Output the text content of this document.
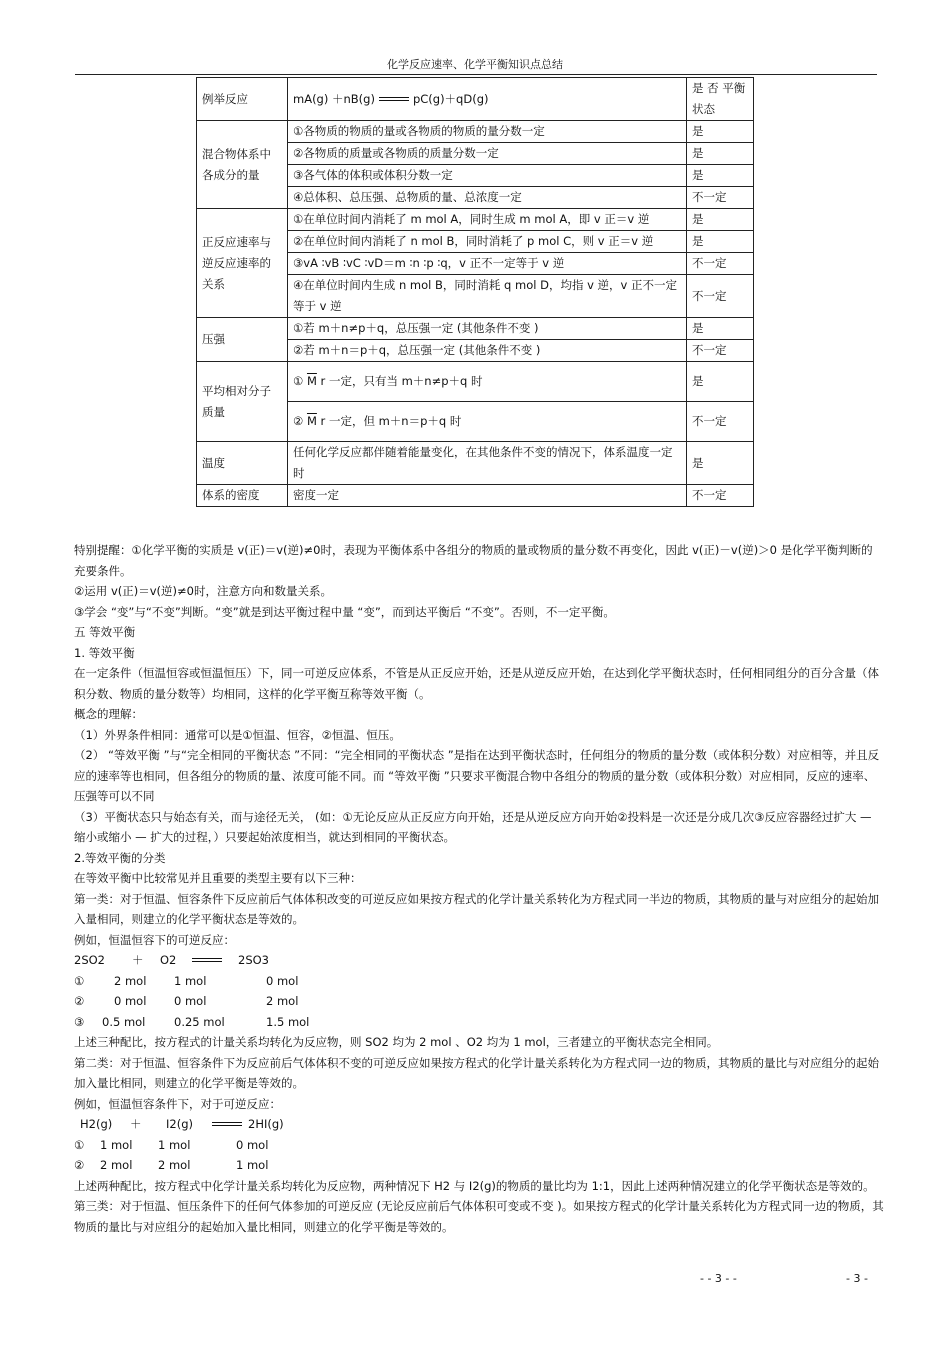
化学反应速率、化学平衡知识点总结
例举反应	mA(g) ＋nB(g) pC(g)＋qD(g)	是 否 平衡状态
混合物体系中各成分的量	①各物质的物质的量或各物质的物质的量分数一定	是
	②各物质的质量或各物质的质量分数一定	是
	③各气体的体积或体积分数一定	是
	④总体积、总压强、总物质的量、总浓度一定	不一定
正反应速率与逆反应速率的关系	①在单位时间内消耗了 m mol A，同时生成 m mol A，即 v 正＝v 逆	是
	②在单位时间内消耗了 n mol B，同时消耗了 p mol C，则 v 正＝v 逆	是
	③vA ∶vB ∶vC ∶vD＝m ∶n ∶p ∶q，v 正不一定等于 v 逆	不一定
	④在单位时间内生成 n mol B，同时消耗 q mol D，均指 v 逆，v 正不一定等于 v 逆	不一定
压强	①若 m＋n≠p＋q，总压强一定 (其他条件不变 )	是
	②若 m＋n＝p＋q，总压强一定 (其他条件不变 )	不一定
平均相对分子质量	① $\overline{M}$ r 一定，只有当 m＋n≠p＋q 时	是
	② $\overline{M}$ r 一定，但 m＋n＝p＋q 时	不一定
温度	任何化学反应都伴随着能量变化，在其他条件不变的情况下，体系温度一定时	是
体系的密度	密度一定	不一定

特别提醒：①化学平衡的实质是 v(正)＝v(逆)≠0时，表现为平衡体系中各组分的物质的量或物质的量分数不再变化，因此 v(正)－v(逆)＞0 是化学平衡判断的充要条件。

②运用 v(正)＝v(逆)≠0时，注意方向和数量关系。

③学会 “变”与“不变”判断。“变”就是到达平衡过程中量 “变”，而到达平衡后 “不变”。否则，不一定平衡。

五 等效平衡

1. 等效平衡

在一定条件（恒温恒容或恒温恒压）下，同一可逆反应体系，不管是从正反应开始，还是从逆反应开始，在达到化学平衡状态时，任何相同组分的百分含量（体积分数、物质的量分数等）均相同，这样的化学平衡互称等效平衡（。

概念的理解：

（1）外界条件相同：通常可以是①恒温、恒容，②恒温、恒压。

（2） “等效平衡 ”与“完全相同的平衡状态 ”不同：“完全相同的平衡状态 ”是指在达到平衡状态时，任何组分的物质的量分数（或体积分数）对应相等，并且反应的速率等也相同，但各组分的物质的量、浓度可能不同。而 “等效平衡 ”只要求平衡混合物中各组分的物质的量分数（或体积分数）对应相同，反应的速率、压强等可以不同

（3）平衡状态只与始态有关，而与途径无关， (如：①无论反应从正反应方向开始，还是从逆反应方向开始②投料是一次还是分成几次③反应容器经过扩大 — 缩小或缩小 — 扩大的过程，）只要起始浓度相当，就达到相同的平衡状态。

2.等效平衡的分类

在等效平衡中比较常见并且重要的类型主要有以下三种：

第一类：对于恒温、恒容条件下反应前后气体体积改变的可逆反应如果按方程式的化学计量关系转化为方程式同一半边的物质，其物质的量与对应组分的起始加入量相同，则建立的化学平衡状态是等效的。

例如，恒温恒容下的可逆反应：

2SO2	＋	O2	2SO3

①	2 mol	1 mol	0 mol

②	0 mol	0 mol	2 mol

③	0.5 mol	0.25 mol	1.5 mol

上述三种配比，按方程式的计量关系均转化为反应物，则 SO2 均为 2 mol 、O2 均为 1 mol，三者建立的平衡状态完全相同。

第二类：对于恒温、恒容条件下为反应前后气体体积不变的可逆反应如果按方程式的化学计量关系转化为方程式同一边的物质，其物质的量比与对应组分的起始加入量比相同，则建立的化学平衡是等效的。

例如，恒温恒容条件下，对于可逆反应：

H2(g)	＋	I2(g)	2HI(g)

①	1 mol	1 mol	0 mol

②	2 mol	2 mol	1 mol

上述两种配比，按方程式中化学计量关系均转化为反应物，两种情况下 H2 与 I2(g)的物质的量比均为 1:1，因此上述两种情况建立的化学平衡状态是等效的。

第三类：对于恒温、恒压条件下的任何气体参加的可逆反应 (无论反应前后气体体积可变或不变 )。如果按方程式的化学计量关系转化为方程式同一边的物质，其物质的量比与对应组分的起始加入量比相同，则建立的化学平衡是等效的。

- - 3 - -	- 3 -
